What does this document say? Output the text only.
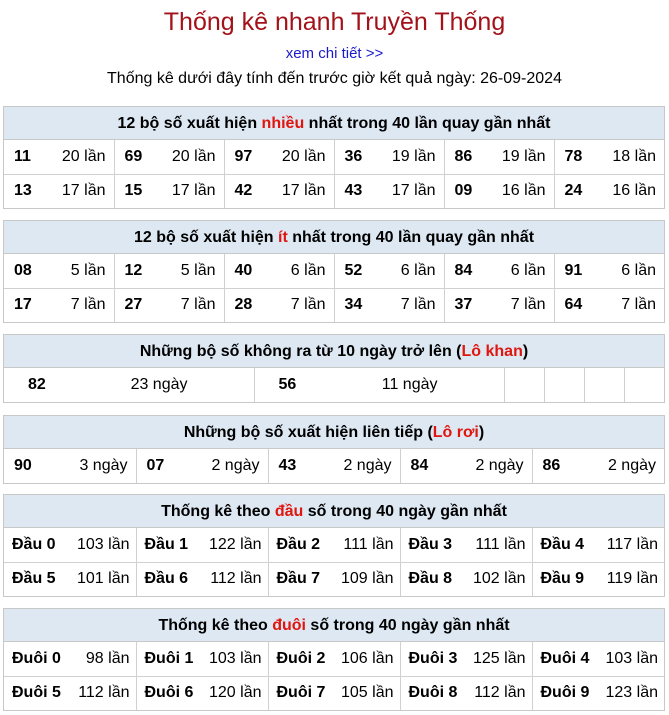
Thống kê nhanh Truyền Thống
xem chi tiết >>
Thống kê dưới đây tính đến trước giờ kết quả ngày: 26-09-2024
12 bộ số xuất hiện nhiều nhất trong 40 lần quay gần nhất
11 20 lần	69 20 lần	97 20 lần	36 19 lần	86 19 lần	78 18 lần

13 17 lần	15 17 lần	42 17 lần	43 17 lần	09 16 lần	24 16 lần
12 bộ số xuất hiện ít nhất trong 40 lần quay gần nhất
08 5 lần	12 5 lần	40 6 lần	52 6 lần	84 6 lần	91 6 lần

17 7 lần	27 7 lần	28 7 lần	34 7 lần	37 7 lần	64 7 lần
Những bộ số không ra từ 10 ngày trở lên (Lô khan)
82	23 ngày	56	11 ngày

Những bộ số xuất hiện liên tiếp (Lô rơi)
90	3 ngày	07	2 ngày	43	2 ngày	84	2 ngày	86	2 ngày
Thống kê theo đầu số trong 40 ngày gần nhất
Đầu 0 103 lần	Đầu 1 122 lần	Đầu 2 111 lần	Đầu 3 111 lần	Đầu 4 117 lần

Đầu 5 101 lần	Đầu 6 112 lần	Đầu 7 109 lần	Đầu 8 102 lần	Đầu 9 119 lần
Thống kê theo đuôi số trong 40 ngày gần nhất
Đuôi 0 98 lần	Đuôi 1 103 lần	Đuôi 2 106 lần	Đuôi 3 125 lần	Đuôi 4 103 lần

Đuôi 5 112 lần	Đuôi 6 120 lần	Đuôi 7 105 lần	Đuôi 8 112 lần	Đuôi 9 123 lần
